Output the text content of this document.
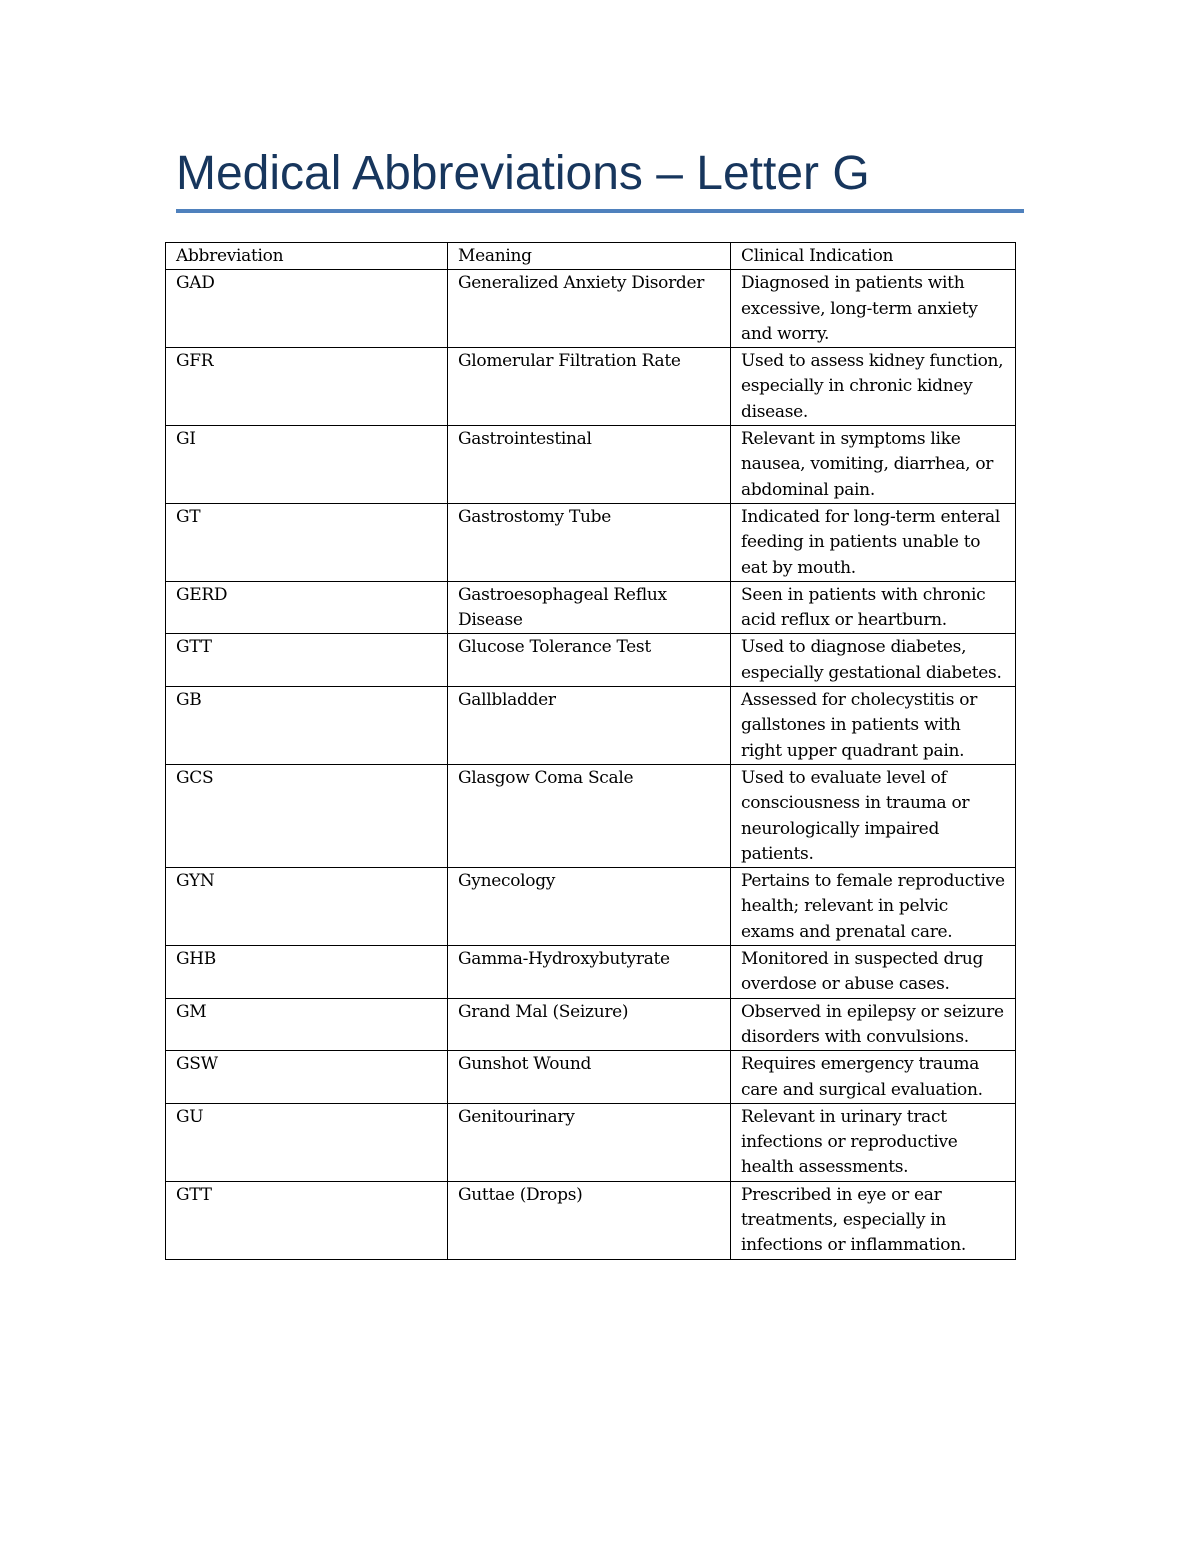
Medical Abbreviations – Letter G
Abbreviation	Meaning	Clinical Indication
GAD	Generalized Anxiety Disorder	Diagnosed in patients with excessive, long-term anxiety and worry.
GFR	Glomerular Filtration Rate	Used to assess kidney function, especially in chronic kidney disease.
GI	Gastrointestinal	Relevant in symptoms like nausea, vomiting, diarrhea, or abdominal pain.
GT	Gastrostomy Tube	Indicated for long-term enteral feeding in patients unable to eat by mouth.
GERD	Gastroesophageal Reflux Disease	Seen in patients with chronic acid reflux or heartburn.
GTT	Glucose Tolerance Test	Used to diagnose diabetes, especially gestational diabetes.
GB	Gallbladder	Assessed for cholecystitis or gallstones in patients with right upper quadrant pain.
GCS	Glasgow Coma Scale	Used to evaluate level of consciousness in trauma or neurologically impaired patients.
GYN	Gynecology	Pertains to female reproductive health; relevant in pelvic exams and prenatal care.
GHB	Gamma-Hydroxybutyrate	Monitored in suspected drug overdose or abuse cases.
GM	Grand Mal (Seizure)	Observed in epilepsy or seizure disorders with convulsions.
GSW	Gunshot Wound	Requires emergency trauma care and surgical evaluation.
GU	Genitourinary	Relevant in urinary tract infections or reproductive health assessments.
GTT	Guttae (Drops)	Prescribed in eye or ear treatments, especially in infections or inflammation.
